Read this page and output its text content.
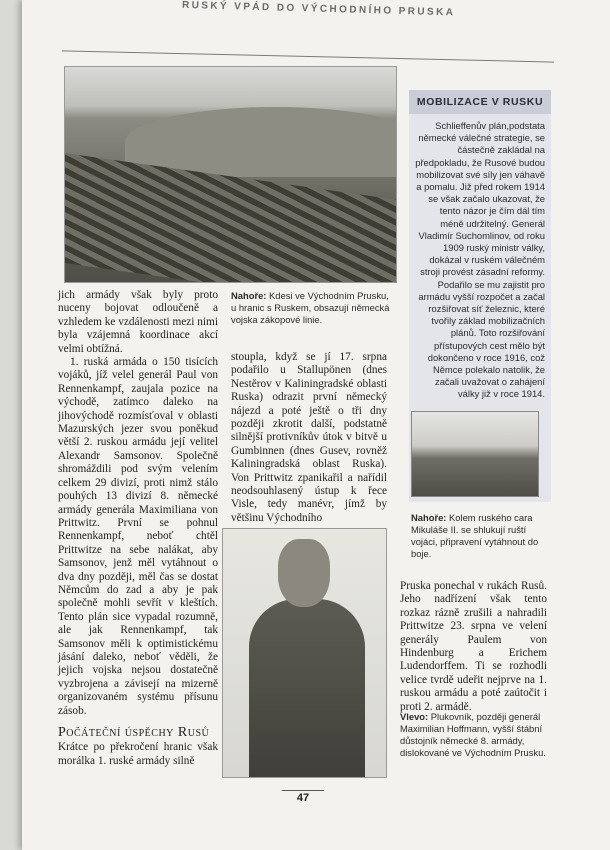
RUSKÝ VPÁD DO VÝCHODNÍHO PRUSKA

jich armády však byly proto nuceny bojovat odloučeně a vzhledem ke vzdálenosti mezi nimi byla vzájemná koordinace akcí velmi obtížná.

1. ruská armáda o 150 tisících vojáků, jíž velel generál Paul von Rennenkampf, zaujala pozice na východě, zatímco daleko na jihovýchodě rozmísťoval v oblasti Mazurských jezer svou poněkud větší 2. ruskou armádu její velitel Alexandr Samsonov. Společně shromáždili pod svým velením celkem 29 divizí, proti nimž stálo pouhých 13 divizí 8. německé armády generála Maximiliana von Prittwitz. První se pohnul Rennenkampf, neboť chtěl Prittwitze na sebe nalákat, aby Samsonov, jenž měl vytáhnout o dva dny později, měl čas se dostat Němcům do zad a aby je pak společně mohli sevřít v kleštích. Tento plán sice vypadal rozumně, ale jak Rennenkampf, tak Samsonov měli k optimistickému jásání daleko, neboť věděli, že jejich vojska nejsou dostatečně vyzbrojena a závisejí na mizerně organizovaném systému přísunu zásob.

Počáteční úspěchy Rusů

Krátce po překročení hranic však morálka 1. ruské armády silně

Nahoře: Kdesi ve Východním Prusku, u hranic s Ruskem, obsazují německá vojska zákopové linie.

stoupla, když se jí 17. srpna podařilo u Stallupönen (dnes Nestěrov v Kaliningradské oblasti Ruska) odrazit první německý nájezd a poté ještě o tři dny později zkrotit další, podstatně silnější protivníkův útok v bitvě u Gumbinnen (dnes Gusev, rovněž Kaliningradská oblast Ruska). Von Prittwitz zpanikařil a nařídil neodsouhlasený ústup k řece Visle, tedy manévr, jímž by většinu Východního

MOBILIZACE V RUSKU
Schlieffenův plán,podstata německé válečné strategie, se částečně zakládal na předpokladu, že Rusové budou mobilizovat své síly jen váhavě a pomalu. Již před rokem 1914 se však začalo ukazovat, že tento názor je čím dál tím méně udržitelný. Generál Vladimír Suchomlinov, od roku 1909 ruský ministr války, dokázal v ruském válečném stroji provést zásadní reformy. Podařilo se mu zajistit pro armádu vyšší rozpočet a začal rozšiřovat síť železnic, které tvořily základ mobilizačních plánů. Toto rozšiřování přístupových cest mělo být dokončeno v roce 1916, což Němce polekalo natolik, že začali uvažovat o zahájení války již v roce 1914.
Nahoře: Kolem ruského cara Mikuláše II. se shlukují ruští vojáci, připravení vytáhnout do boje.

Pruska ponechal v rukách Rusů. Jeho nadřízení však tento rozkaz rázně zrušili a nahradili Prittwitze 23. srpna ve velení generály Paulem von Hindenburg a Erichem Ludendorffem. Ti se rozhodli velice tvrdě udeřit nejprve na 1. ruskou armádu a poté zaútočit i proti 2. armádě.

Vlevo: Plukovník, později generál Maximilian Hoffmann, vyšší štábní důstojník německé 8. armády, dislokované ve Východním Prusku.
47
